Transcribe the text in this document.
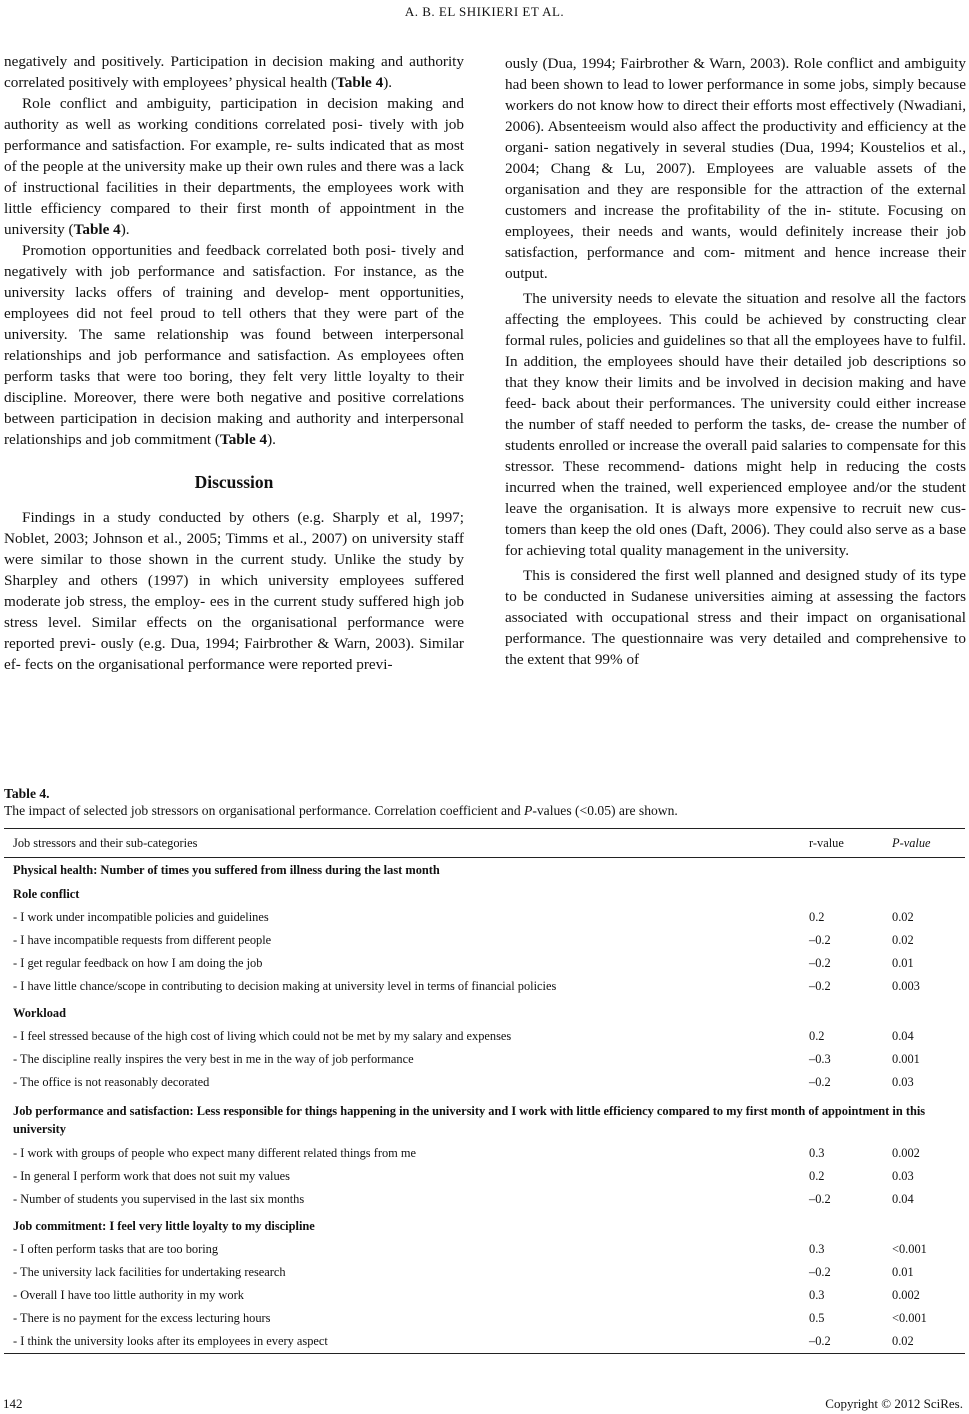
A. B. EL SHIKIERI ET AL.

negatively and positively. Participation in decision making and authority correlated positively with employees’ physical health (Table 4).

Role conflict and ambiguity, participation in decision making and authority as well as working conditions correlated posi- tively with job performance and satisfaction. For example, re- sults indicated that as most of the people at the university make up their own rules and there was a lack of instructional facilities in their departments, the employees work with little efficiency compared to their first month of appointment in the university (Table 4).

Promotion opportunities and feedback correlated both posi- tively and negatively with job performance and satisfaction. For instance, as the university lacks offers of training and develop- ment opportunities, employees did not feel proud to tell others that they were part of the university. The same relationship was found between interpersonal relationships and job performance and satisfaction. As employees often perform tasks that were too boring, they felt very little loyalty to their discipline. Moreover, there were both negative and positive correlations between participation in decision making and authority and interpersonal relationships and job commitment (Table 4).

Discussion

Findings in a study conducted by others (e.g. Sharply et al, 1997; Noblet, 2003; Johnson et al., 2005; Timms et al., 2007) on university staff were similar to those shown in the current study. Unlike the study by Sharpley and others (1997) in which university employees suffered moderate job stress, the employ- ees in the current study suffered high job stress level. Similar effects on the organisational performance were reported previ- ously (e.g. Dua, 1994; Fairbrother & Warn, 2003). Similar ef- fects on the organisational performance were reported previ-

ously (Dua, 1994; Fairbrother & Warn, 2003). Role conflict and ambiguity had been shown to lead to lower performance in some jobs, simply because workers do not know how to direct their efforts most effectively (Nwadiani, 2006). Absenteeism would also affect the productivity and efficiency at the organi- sation negatively in several studies (Dua, 1994; Koustelios et al., 2004; Chang & Lu, 2007). Employees are valuable assets of the organisation and they are responsible for the attraction of the external customers and increase the profitability of the in- stitute. Focusing on employees, their needs and wants, would definitely increase their job satisfaction, performance and com- mitment and hence increase their output.

The university needs to elevate the situation and resolve all the factors affecting the employees. This could be achieved by constructing clear formal rules, policies and guidelines so that all the employees have to fulfil. In addition, the employees should have their detailed job descriptions so that they know their limits and be involved in decision making and have feed- back about their performances. The university could either increase the number of staff needed to perform the tasks, de- crease the number of students enrolled or increase the overall paid salaries to compensate for this stressor. These recommend- dations might help in reducing the costs incurred when the trained, well experienced employee and/or the student leave the organisation. It is always more expensive to recruit new cus- tomers than keep the old ones (Daft, 2006). They could also serve as a base for achieving total quality management in the university.

This is considered the first well planned and designed study of its type to be conducted in Sudanese universities aiming at assessing the factors associated with occupational stress and their impact on organisational performance. The questionnaire was very detailed and comprehensive to the extent that 99% of

Table 4.
The impact of selected job stressors on organisational performance. Correlation coefficient and P-values (<0.05) are shown.
Job stressors and their sub-categories	r-value	P-value
Physical health: Number of times you suffered from illness during the last month
Role conflict
- I work under incompatible policies and guidelines	0.2	0.02
- I have incompatible requests from different people	–0.2	0.02
- I get regular feedback on how I am doing the job	–0.2	0.01
- I have little chance/scope in contributing to decision making at university level in terms of financial policies	–0.2	0.003
Workload
- I feel stressed because of the high cost of living which could not be met by my salary and expenses	0.2	0.04
- The discipline really inspires the very best in me in the way of job performance	–0.3	0.001
- The office is not reasonably decorated	–0.2	0.03
Job performance and satisfaction: Less responsible for things happening in the university and I work with little efficiency compared to my first month of appointment in this university
- I work with groups of people who expect many different related things from me	0.3	0.002
- In general I perform work that does not suit my values	0.2	0.03
- Number of students you supervised in the last six months	–0.2	0.04
Job commitment: I feel very little loyalty to my discipline
- I often perform tasks that are too boring	0.3	<0.001
- The university lack facilities for undertaking research	–0.2	0.01
- Overall I have too little authority in my work	0.3	0.002
- There is no payment for the excess lecturing hours	0.5	<0.001
- I think the university looks after its employees in every aspect	–0.2	0.02
142	Copyright © 2012 SciRes.
